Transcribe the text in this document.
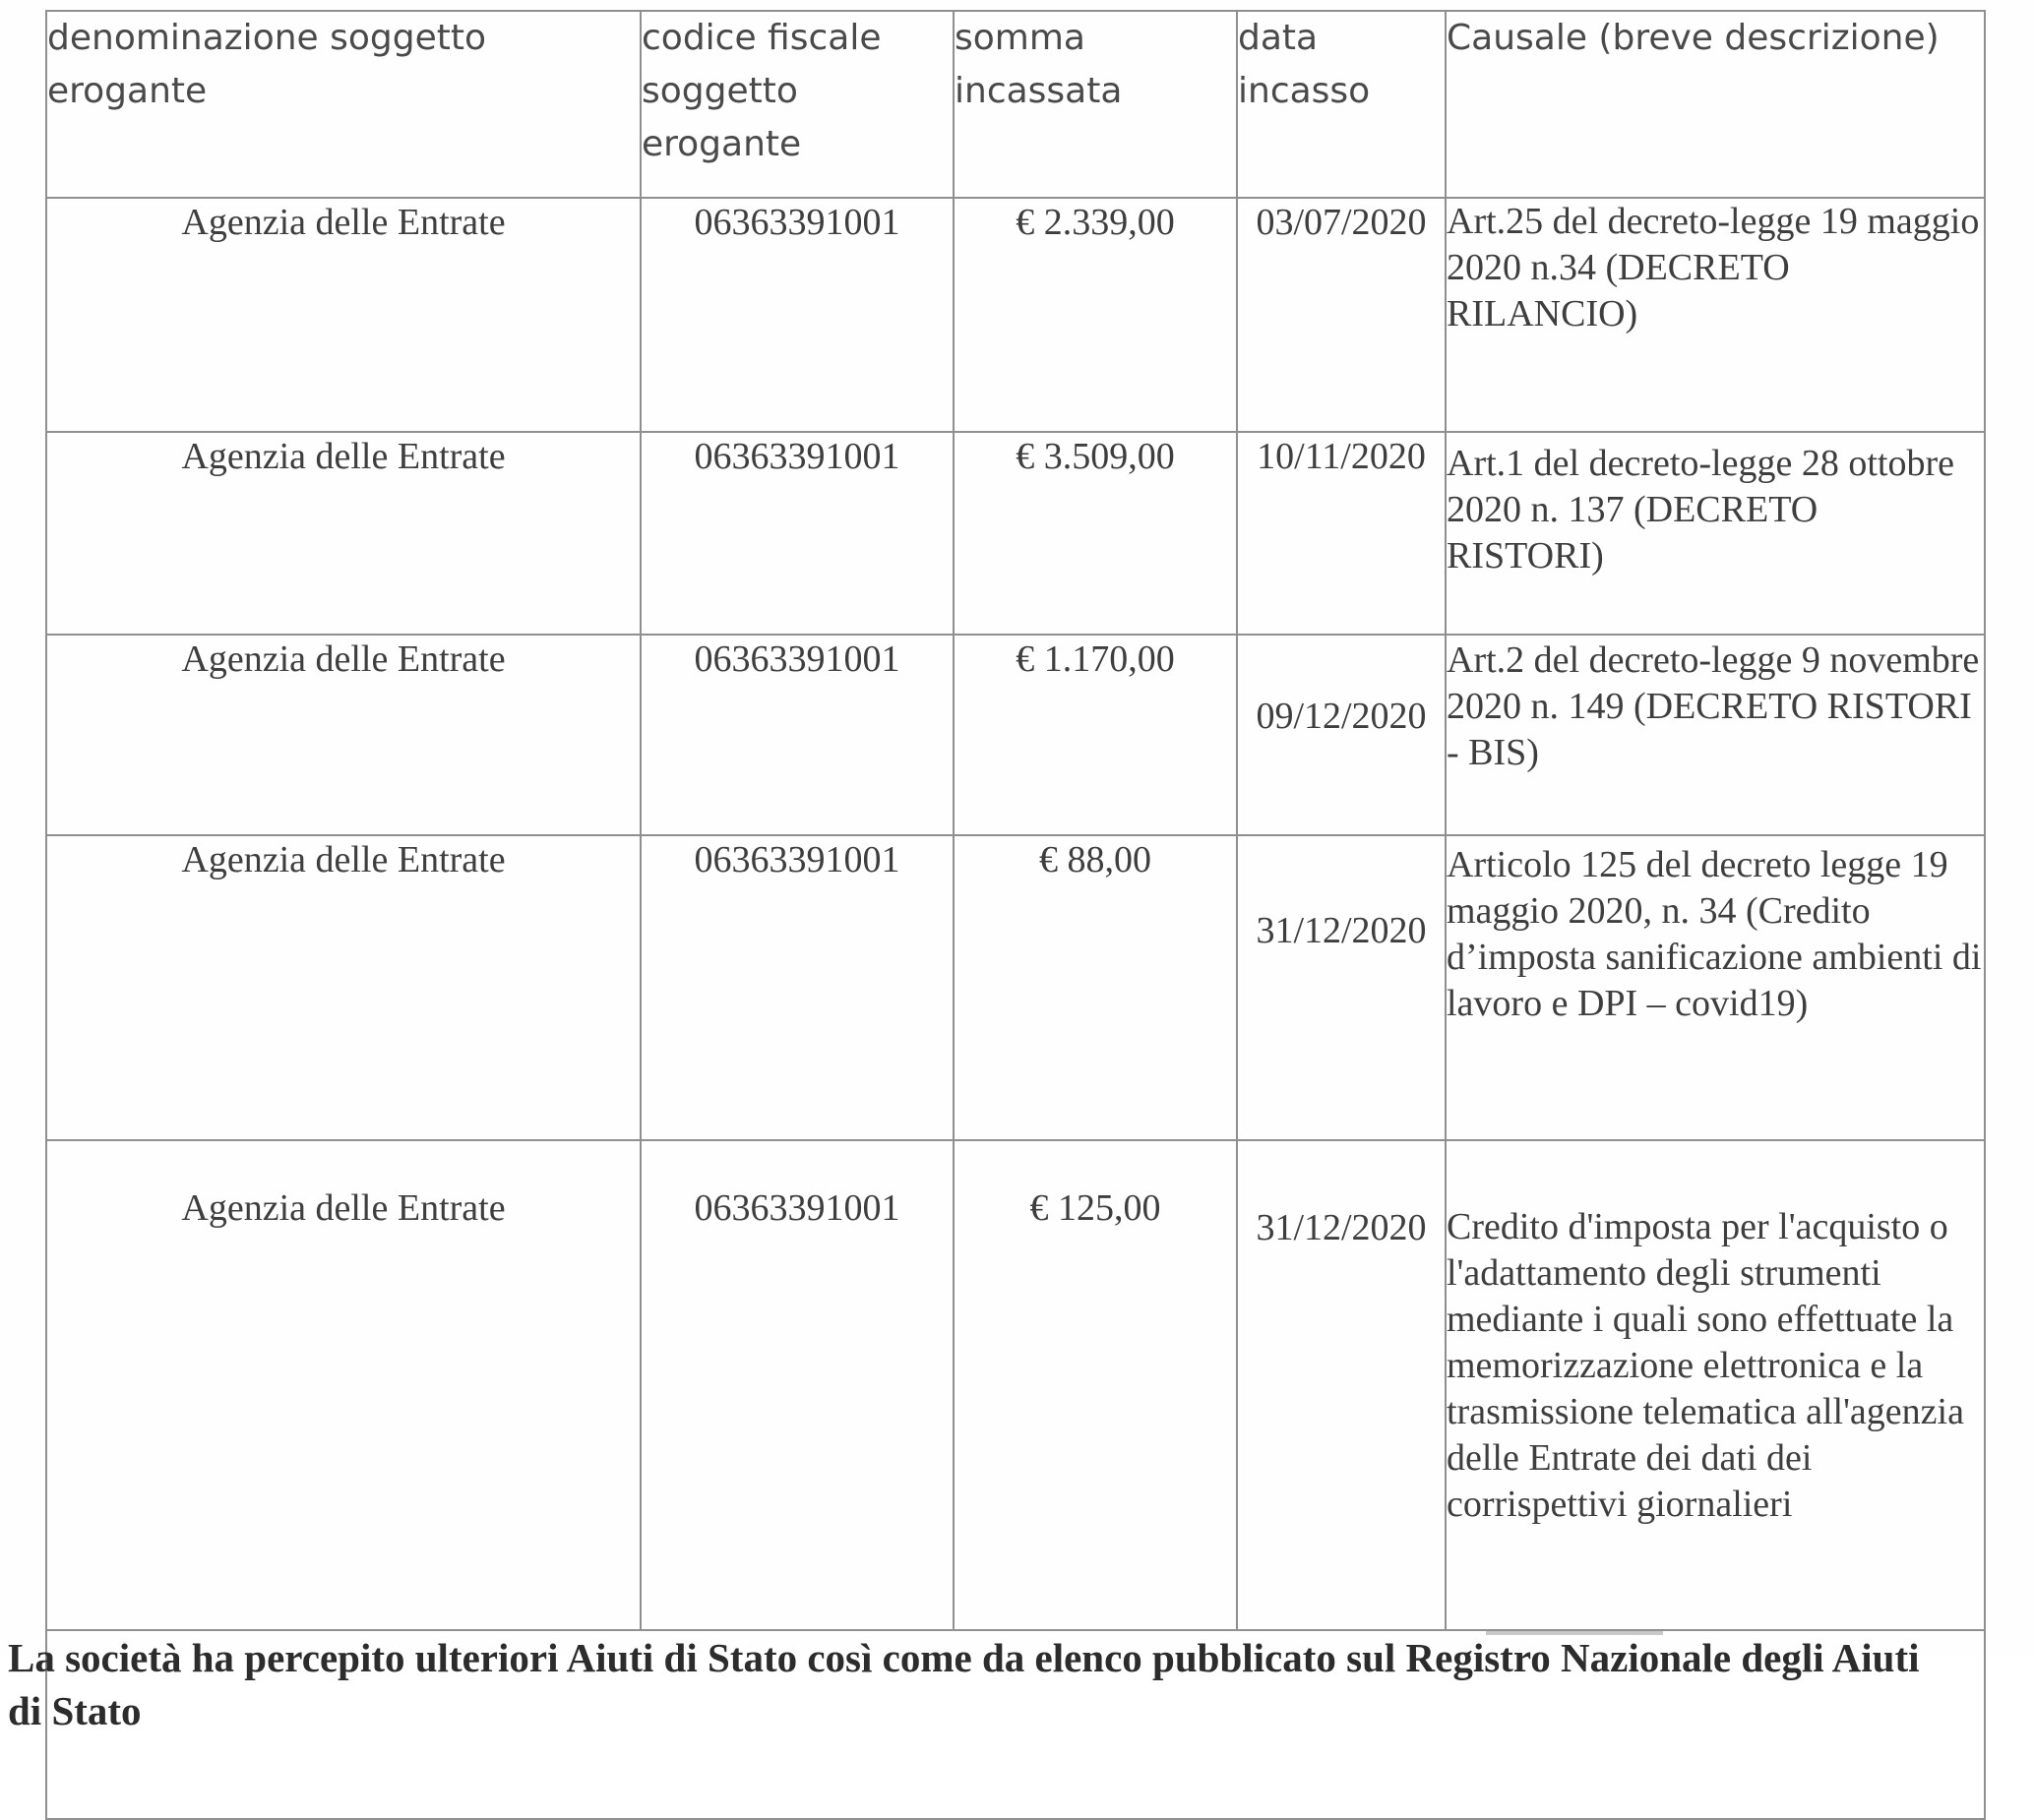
denominazione soggetto erogante	codice fiscale soggetto erogante	somma incassata	data incasso	Causale (breve descrizione)
Agenzia delle Entrate	06363391001	€ 2.339,00	03/07/2020	Art.25 del decreto-legge 19 maggio 2020 n.34 (DECRETO RILANCIO)
Agenzia delle Entrate	06363391001	€ 3.509,00	10/11/2020	Art.1 del decreto-legge 28 ottobre 2020 n. 137 (DECRETO RISTORI)
Agenzia delle Entrate	06363391001	€ 1.170,00	09/12/2020	Art.2 del decreto-legge 9 novembre 2020 n. 149 (DECRETO RISTORI - BIS)
Agenzia delle Entrate	06363391001	€ 88,00	31/12/2020	Articolo 125 del decreto legge 19 maggio 2020, n. 34 (Credito d’imposta sanificazione ambienti di lavoro e DPI – covid19)
Agenzia delle Entrate	06363391001	€ 125,00	31/12/2020	Credito d'imposta per l'acquisto o l'adattamento degli strumenti mediante i quali sono effettuate la memorizzazione elettronica e la trasmissione telematica all'agenzia delle Entrate dei dati dei corrispettivi giornalieri

La società ha percepito ulteriori Aiuti di Stato così come da elenco pubblicato sul Registro Nazionale degli Aiuti di Stato				
